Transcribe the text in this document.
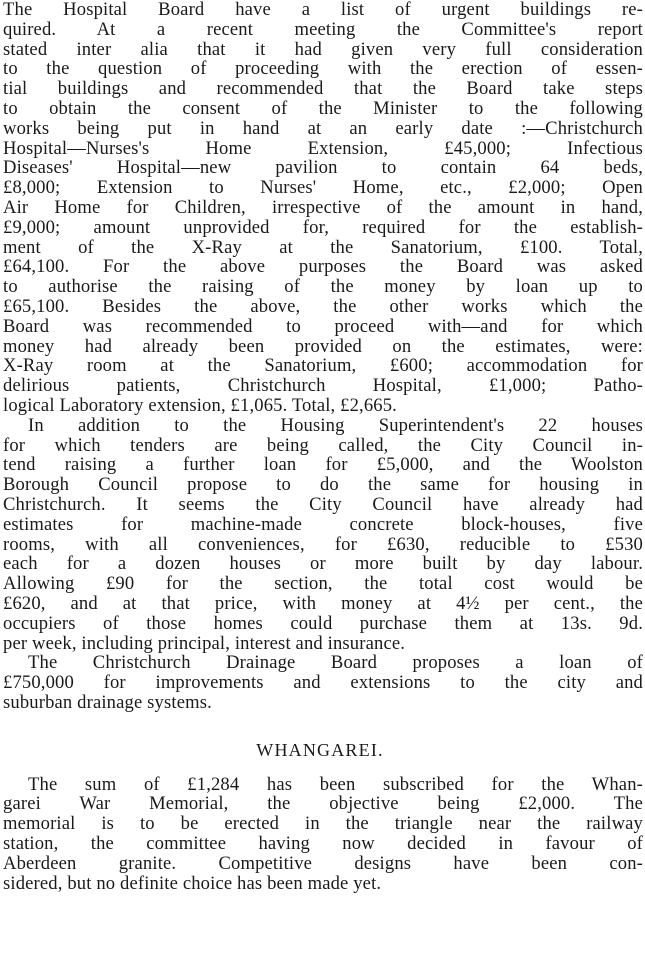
The Hospital Board have a list of urgent buildings re-
quired. At a recent meeting the Committee's report
stated inter alia that it had given very full consideration
to the question of proceeding with the erection of essen-
tial buildings and recommended that the Board take steps
to obtain the consent of the Minister to the following
works being put in hand at an early date :—Christchurch
Hospital—Nurses's Home Extension, £45,000; Infectious
Diseases' Hospital—new pavilion to contain 64 beds,
£8,000; Extension to Nurses' Home, etc., £2,000; Open
Air Home for Children, irrespective of the amount in hand,
£9,000; amount unprovided for, required for the establish-
ment of the X-Ray at the Sanatorium, £100. Total,
£64,100. For the above purposes the Board was asked
to authorise the raising of the money by loan up to
£65,100. Besides the above, the other works which the
Board was recommended to proceed with—and for which
money had already been provided on the estimates, were:
X-Ray room at the Sanatorium, £600; accommodation for
delirious patients, Christchurch Hospital, £1,000; Patho-
logical Laboratory extension, £1,065. Total, £2,665.
In addition to the Housing Superintendent's 22 houses
for which tenders are being called, the City Council in-
tend raising a further loan for £5,000, and the Woolston
Borough Council propose to do the same for housing in
Christchurch. It seems the City Council have already had
estimates for machine-made concrete block-houses, five
rooms, with all conveniences, for £630, reducible to £530
each for a dozen houses or more built by day labour.
Allowing £90 for the section, the total cost would be
£620, and at that price, with money at 4½ per cent., the
occupiers of those homes could purchase them at 13s. 9d.
per week, including principal, interest and insurance.
The Christchurch Drainage Board proposes a loan of
£750,000 for improvements and extensions to the city and
suburban drainage systems.
WHANGAREI.
The sum of £1,284 has been subscribed for the Whan-
garei War Memorial, the objective being £2,000. The
memorial is to be erected in the triangle near the railway
station, the committee having now decided in favour of
Aberdeen granite. Competitive designs have been con-
sidered, but no definite choice has been made yet.
